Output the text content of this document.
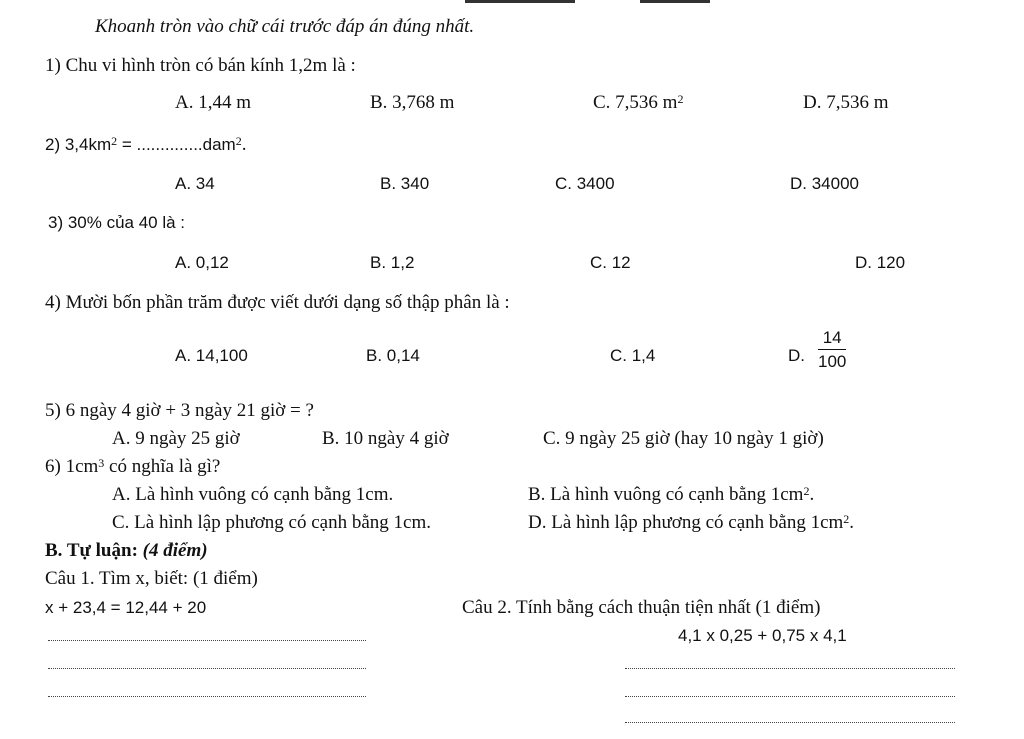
Khoanh tròn vào chữ cái trước đáp án đúng nhất.
1) Chu vi hình tròn có bán kính 1,2m là :
A. 1,44 m	B. 3,768 m	C. 7,536 $m^2$	D. 7,536 m
2) $3,4km^2 = ..............dam^2$.
A. 34	B. 340	C. 3400	D. 34000
3) 30% của 40 là :
A. 0,12	B. 1,2	C. 12	D. 120
4) Mười bốn phần trăm được viết dưới dạng số thập phân là :
A. 14,100	B. 0,14	C. 1,4	D. $\frac{14}{100}$
5) 6 ngày 4 giờ + 3 ngày 21 giờ = ?
A. 9 ngày 25 giờ	B. 10 ngày 4 giờ	C. 9 ngày 25 giờ (hay 10 ngày 1 giờ)
6) $1cm^3$ có nghĩa là gì?
A. Là hình vuông có cạnh bằng 1cm.	B. Là hình vuông có cạnh bằng $1cm^2$.
C. Là hình lập phương có cạnh bằng 1cm.	D. Là hình lập phương có cạnh bằng $1cm^2$.
B. Tự luận: (4 điểm)
Câu 1. Tìm x, biết: (1 điểm)
x + 23,4 = 12,44 + 20	Câu 2. Tính bằng cách thuận tiện nhất (1 điểm)
4,1 x 0,25 + 0,75 x 4,1
